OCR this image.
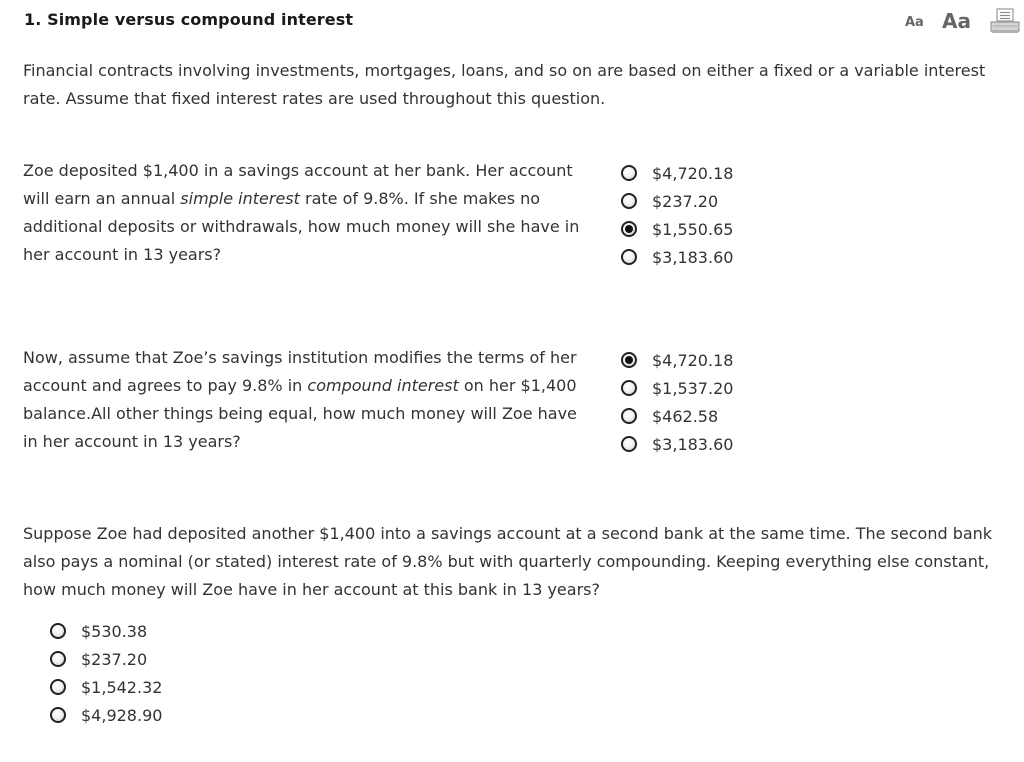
1. Simple versus compound interest	Aa Aa
Financial contracts involving investments, mortgages, loans, and so on are based on either a fixed or a variable interest rate. Assume that fixed interest rates are used throughout this question.
Zoe deposited $1,400 in a savings account at her bank. Her account will earn an annual simple interest rate of 9.8%. If she makes no additional deposits or withdrawals, how much money will she have in her account in 13 years?
$4,720.18
$237.20
$1,550.65
$3,183.60
Now, assume that Zoe’s savings institution modifies the terms of her account and agrees to pay 9.8% in compound interest on her $1,400 balance.All other things being equal, how much money will Zoe have in her account in 13 years?
$4,720.18
$1,537.20
$462.58
$3,183.60
Suppose Zoe had deposited another $1,400 into a savings account at a second bank at the same time. The second bank also pays a nominal (or stated) interest rate of 9.8% but with quarterly compounding. Keeping everything else constant, how much money will Zoe have in her account at this bank in 13 years?
$530.38
$237.20
$1,542.32
$4,928.90
